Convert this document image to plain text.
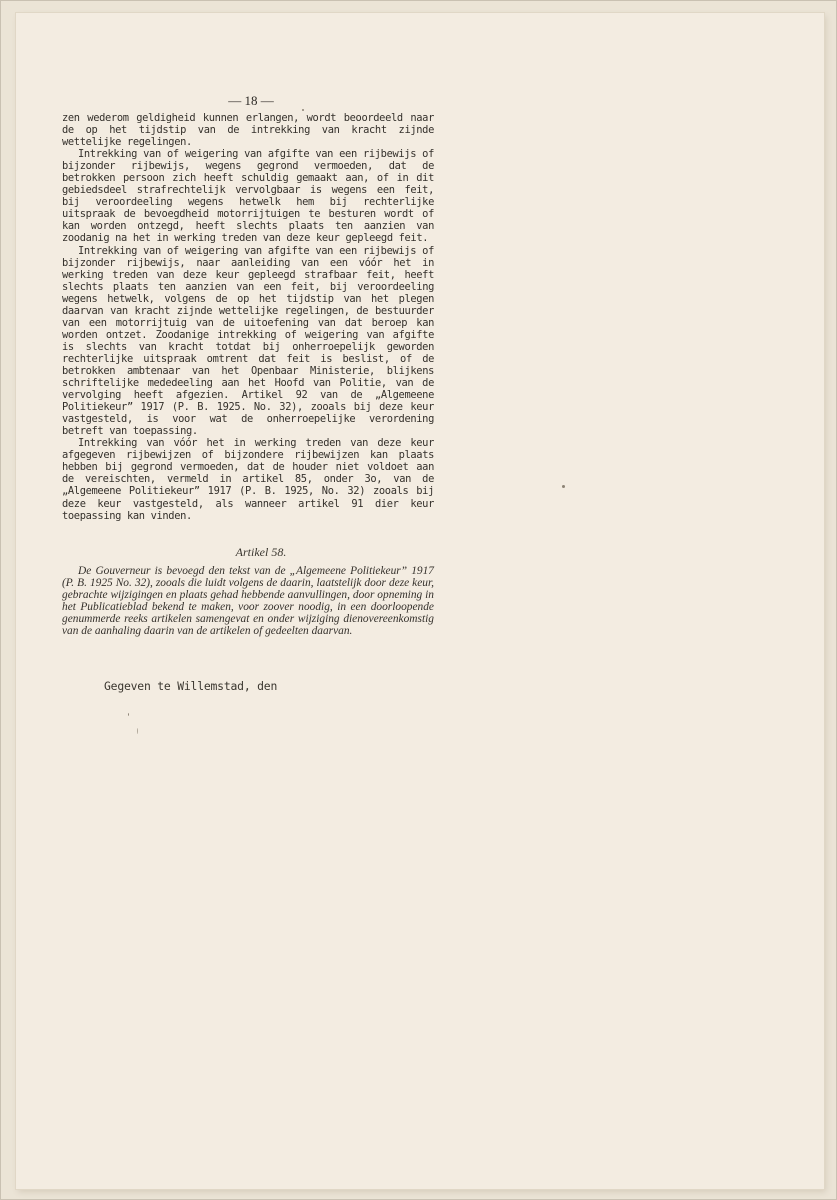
— 18 —

zen wederom geldigheid kunnen erlangen, wordt beoordeeld naar de op het tijdstip van de intrekking van kracht zijnde wettelijke regelingen.

Intrekking van of weigering van afgifte van een rijbewijs of bijzonder rijbewijs, wegens gegrond vermoeden, dat de betrokken persoon zich heeft schuldig gemaakt aan, of in dit gebiedsdeel strafrechtelijk vervolgbaar is wegens een feit, bij veroordeeling wegens hetwelk hem bij rechterlijke uitspraak de bevoegdheid motorrijtuigen te besturen wordt of kan worden ontzegd, heeft slechts plaats ten aanzien van zoodanig na het in werking treden van deze keur gepleegd feit.

Intrekking van of weigering van afgifte van een rijbewijs of bijzonder rijbewijs, naar aanleiding van een vóór het in werking treden van deze keur gepleegd strafbaar feit, heeft slechts plaats ten aanzien van een feit, bij veroordeeling wegens hetwelk, volgens de op het tijdstip van het plegen daarvan van kracht zijnde wettelijke regelingen, de bestuurder van een motorrijtuig van de uitoefening van dat beroep kan worden ontzet. Zoodanige intrekking of weigering van afgifte is slechts van kracht totdat bij onherroepelijk geworden rechterlijke uitspraak omtrent dat feit is beslist, of de betrokken ambtenaar van het Openbaar Ministerie, blijkens schriftelijke mededeeling aan het Hoofd van Politie, van de vervolging heeft afgezien. Artikel 92 van de „Algemeene Politiekeur” 1917 (P. B. 1925. No. 32), zooals bij deze keur vastgesteld, is voor wat de onherroepelijke verordening betreft van toepassing.

Intrekking van vóór het in werking treden van deze keur afgegeven rijbewijzen of bijzondere rijbewijzen kan plaats hebben bij gegrond vermoeden, dat de houder niet voldoet aan de vereischten, vermeld in artikel 85, onder 3o, van de „Algemeene Politiekeur” 1917 (P. B. 1925, No. 32) zooals bij deze keur vastgesteld, als wanneer artikel 91 dier keur toepassing kan vinden.

Artikel 58.

De Gouverneur is bevoegd den tekst van de „Algemeene Politiekeur” 1917 (P. B. 1925 No. 32), zooals die luidt volgens de daarin, laatstelijk door deze keur, gebrachte wijzigingen en plaats gehad hebbende aanvullingen, door opneming in het Publicatieblad bekend te maken, voor zoover noodig, in een doorloopende genummerde reeks artikelen samengevat en onder wijziging dienovereenkomstig van de aanhaling daarin van de artikelen of gedeelten daarvan.

Gegeven te Willemstad, den
